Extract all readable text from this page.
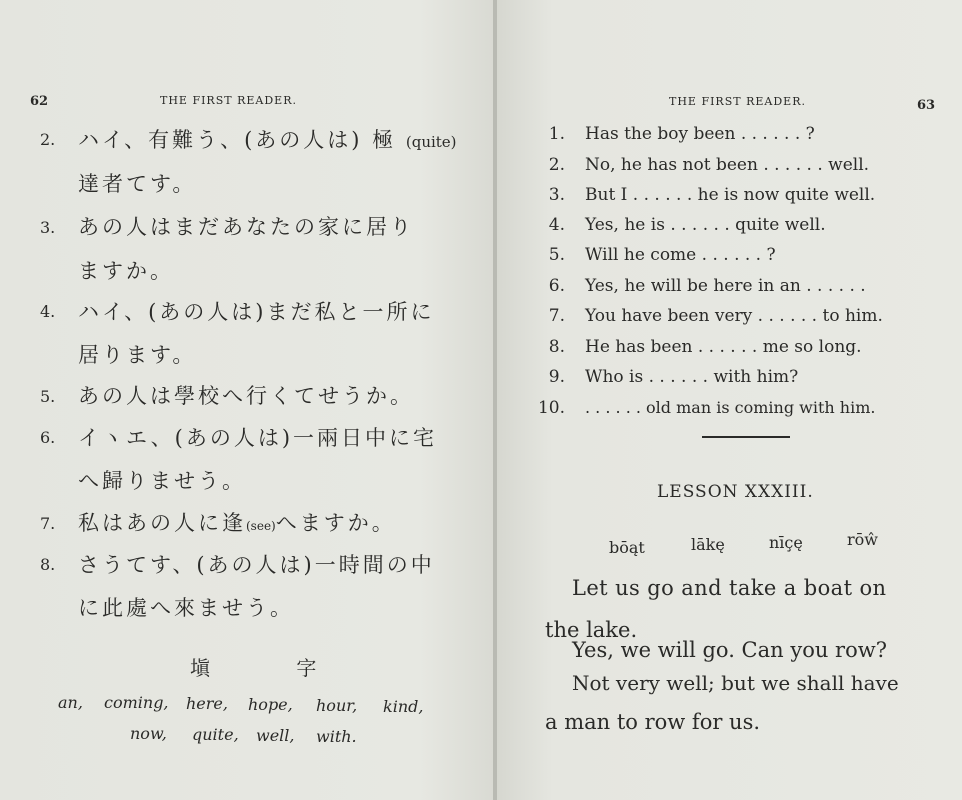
62	THE FIRST READER.
2. ハイ、有難う、(あの人は) 極 (quite)
達者てす。
3. あの人はまだあなたの家に居り
ますか。
4. ハイ、(あの人は)まだ私と一所に
居ります。
5. あの人は學校へ行くてせうか。
6. イヽエ、(あの人は)一兩日中に宅
へ歸りませう。
7. 私はあの人に逢(see)へますか。
8. さうてす、(あの人は)一時間の中
に此處へ來ませう。
塡 字
an, coming, here, hope, hour, kind,
now, quite, well, with.
THE FIRST READER.	63
1. Has the boy been . . . . . . ?
2. No, he has not been . . . . . . well.
3. But I . . . . . . he is now quite well.
4. Yes, he is . . . . . . quite well.
5. Will he come . . . . . . ?
6. Yes, he will be here in an . . . . . .
7. You have been very . . . . . . to him.
8. He has been . . . . . . me so long.
9. Who is . . . . . . with him?
10. . . . . . . old man is coming with him.
LESSON XXXIII.
bōąt	lākę	nīçę	rōŵ
Let us go and take a boat on
the lake.
Yes, we will go. Can you row?
Not very well; but we shall have
a man to row for us.
